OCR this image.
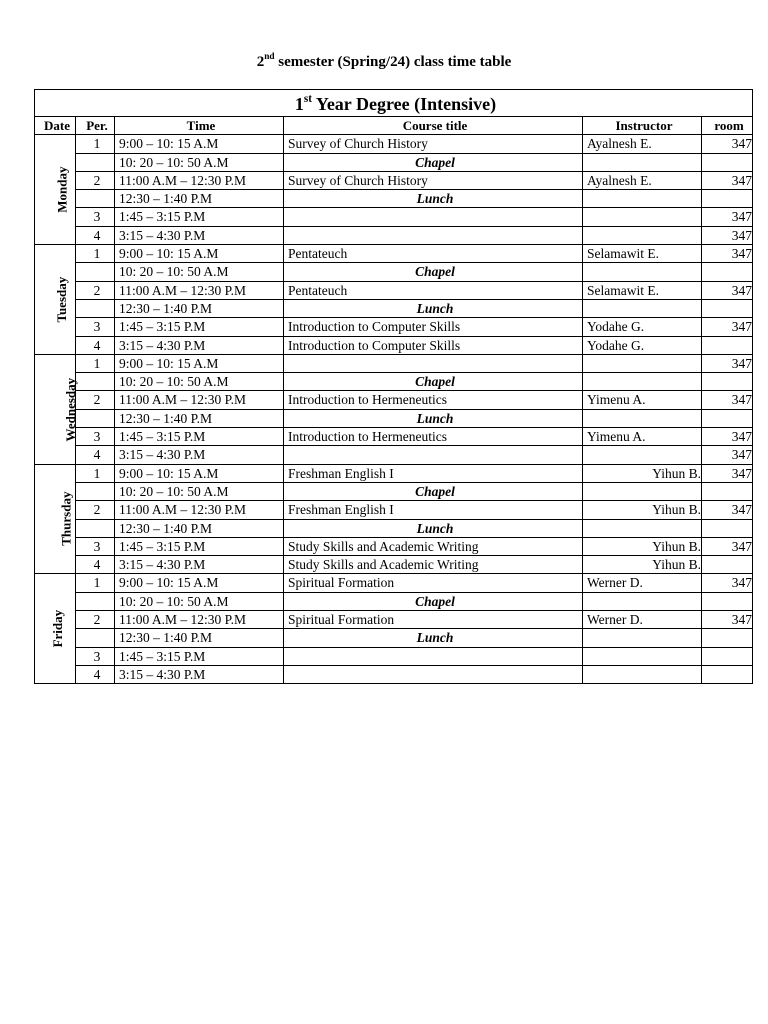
2nd semester (Spring/24) class time table
1st Year Degree (Intensive)					
Date	Per.	Time	Course title	Instructor	room
Monday	1	9:00 – 10: 15 A.M	Survey of Church History	Ayalnesh E.	347
		10: 20 – 10: 50 A.M	Chapel		
	2	11:00 A.M – 12:30 P.M	Survey of Church History	Ayalnesh E.	347
		12:30 – 1:40 P.M	Lunch		
	3	1:45 – 3:15 P.M			347
	4	3:15 – 4:30 P.M			347
Tuesday	1	9:00 – 10: 15 A.M	Pentateuch	Selamawit E.	347
		10: 20 – 10: 50 A.M	Chapel		
	2	11:00 A.M – 12:30 P.M	Pentateuch	Selamawit E.	347
		12:30 – 1:40 P.M	Lunch		
	3	1:45 – 3:15 P.M	Introduction to Computer Skills	Yodahe G.	347
	4	3:15 – 4:30 P.M	Introduction to Computer Skills	Yodahe G.	
Wednesday	1	9:00 – 10: 15 A.M			347
		10: 20 – 10: 50 A.M	Chapel		
	2	11:00 A.M – 12:30 P.M	Introduction to Hermeneutics	Yimenu A.	347
		12:30 – 1:40 P.M	Lunch		
	3	1:45 – 3:15 P.M	Introduction to Hermeneutics	Yimenu A.	347
	4	3:15 – 4:30 P.M			347
Thursday	1	9:00 – 10: 15 A.M	Freshman English I	Yihun B.	347
		10: 20 – 10: 50 A.M	Chapel		
	2	11:00 A.M – 12:30 P.M	Freshman English I	Yihun B.	347
		12:30 – 1:40 P.M	Lunch		
	3	1:45 – 3:15 P.M	Study Skills and Academic Writing	Yihun B.	347
	4	3:15 – 4:30 P.M	Study Skills and Academic Writing	Yihun B.	
Friday	1	9:00 – 10: 15 A.M	Spiritual Formation	Werner D.	347
		10: 20 – 10: 50 A.M	Chapel		
	2	11:00 A.M – 12:30 P.M	Spiritual Formation	Werner D.	347
		12:30 – 1:40 P.M	Lunch		
	3	1:45 – 3:15 P.M			
	4	3:15 – 4:30 P.M			
